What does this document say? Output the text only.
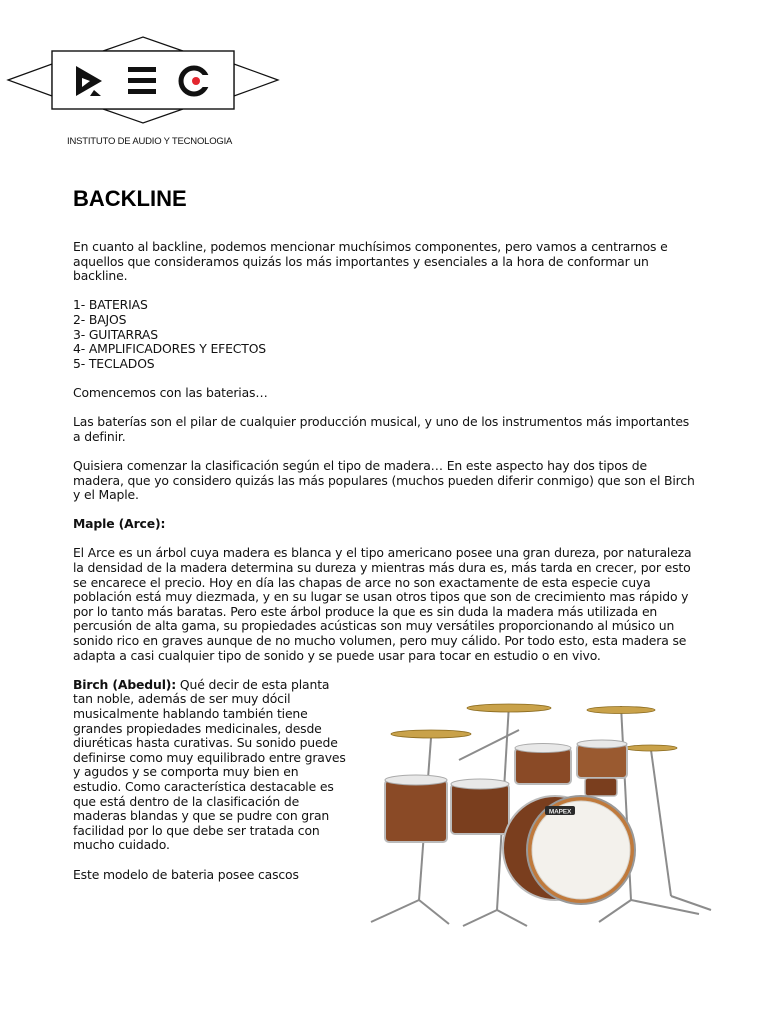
INSTITUTO DE AUDIO Y TECNOLOGIA
BACKLINE

En cuanto al backline, podemos mencionar muchísimos componentes, pero vamos a centrarnos e aquellos que consideramos quizás los más importantes y esenciales a la hora de conformar un backline.

1- BATERIAS
2- BAJOS
3- GUITARRAS
4- AMPLIFICADORES Y EFECTOS
5- TECLADOS

Comencemos con las baterias…

Las baterías son el pilar de cualquier producción musical, y uno de los instrumentos más importantes a definir.

Quisiera comenzar la clasificación según el tipo de madera… En este aspecto hay dos tipos de madera, que yo considero quizás las más populares (muchos pueden diferir conmigo) que son el Birch y el Maple.

Maple (Arce):

El Arce es un árbol cuya madera es blanca y el tipo americano posee una gran dureza, por naturaleza la densidad de la madera determina su dureza y mientras más dura es, más tarda en crecer, por esto se encarece el precio. Hoy en día las chapas de arce no son exactamente de esta especie cuya población está muy diezmada, y en su lugar se usan otros tipos que son de crecimiento mas rápido y por lo tanto más baratas. Pero este árbol produce la que es sin duda la madera más utilizada en percusión de alta gama, su propiedades acústicas son muy versátiles proporcionando al músico un sonido rico en graves aunque de no mucho volumen, pero muy cálido. Por todo esto, esta madera se adapta a casi cualquier tipo de sonido y se puede usar para tocar en estudio o en vivo.

MAPEX

Birch (Abedul): Qué decir de esta planta tan noble, además de ser muy dócil musicalmente hablando también tiene grandes propiedades medicinales, desde diuréticas hasta curativas. Su sonido puede definirse como muy equilibrado entre graves y agudos y se comporta muy bien en estudio. Como característica destacable es que está dentro de la clasificación de maderas blandas y que se pudre con gran facilidad por lo que debe ser tratada con mucho cuidado.

Este modelo de bateria posee cascos
